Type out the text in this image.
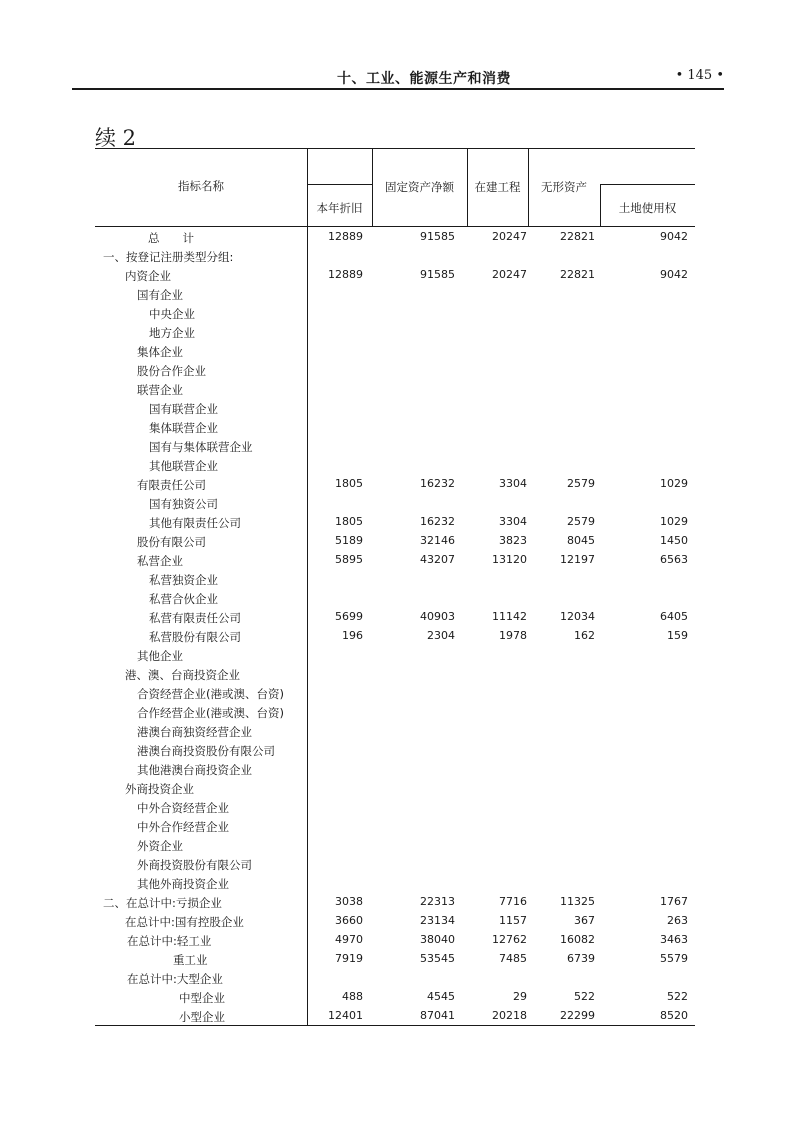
十、工业、能源生产和消费	• 145 •
续 2
指标名称
本年折旧
固定资产净额	在建工程	无形资产
土地使用权
总　　计	12889	91585	20247	22821	9042
一、按登记注册类型分组:
内资企业	12889	91585	20247	22821	9042
国有企业
中央企业
地方企业
集体企业
股份合作企业
联营企业
国有联营企业
集体联营企业
国有与集体联营企业
其他联营企业
有限责任公司	1805	16232	3304	2579	1029
国有独资公司
其他有限责任公司	1805	16232	3304	2579	1029
股份有限公司	5189	32146	3823	8045	1450
私营企业	5895	43207	13120	12197	6563
私营独资企业
私营合伙企业
私营有限责任公司	5699	40903	11142	12034	6405
私营股份有限公司	196	2304	1978	162	159
其他企业
港、澳、台商投资企业
合资经营企业(港或澳、台资)
合作经营企业(港或澳、台资)
港澳台商独资经营企业
港澳台商投资股份有限公司
其他港澳台商投资企业
外商投资企业
中外合资经营企业
中外合作经营企业
外资企业
外商投资股份有限公司
其他外商投资企业
二、在总计中:亏损企业	3038	22313	7716	11325	1767
在总计中:国有控股企业	3660	23134	1157	367	263
在总计中:轻工业	4970	38040	12762	16082	3463
重工业	7919	53545	7485	6739	5579
在总计中:大型企业
中型企业	488	4545	29	522	522
小型企业	12401	87041	20218	22299	8520
